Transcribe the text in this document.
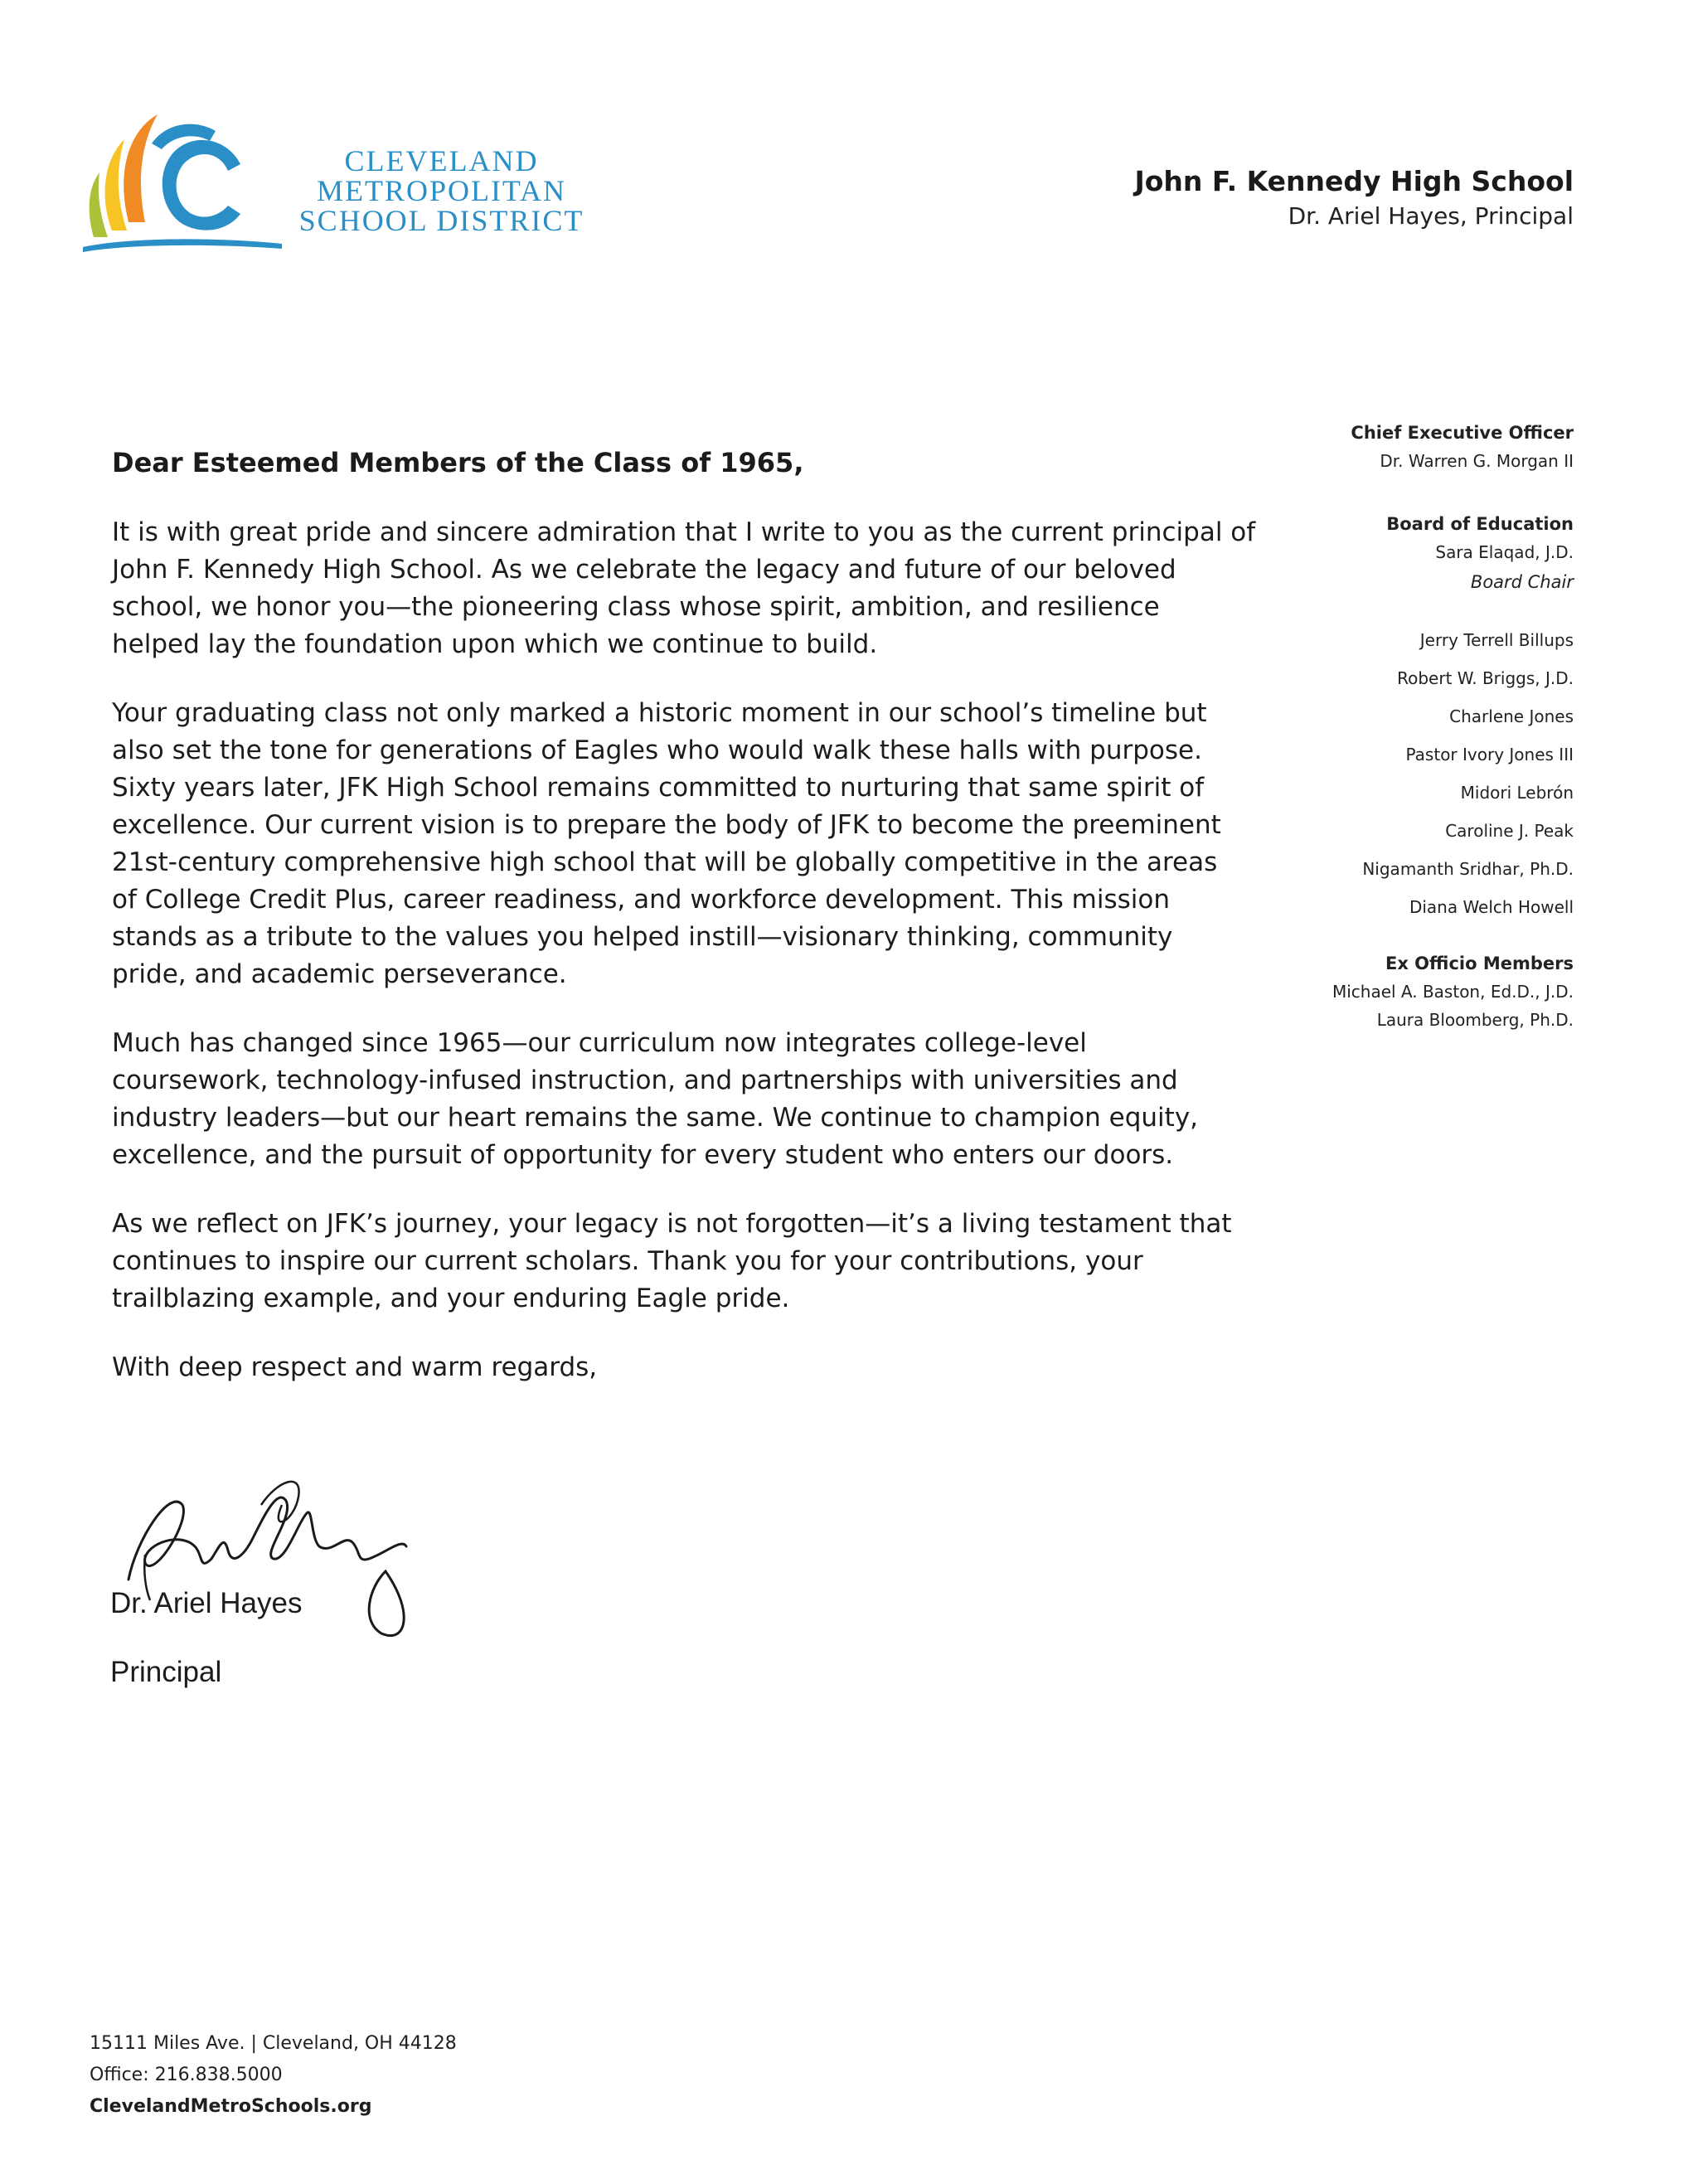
CLEVELAND
METROPOLITAN
SCHOOL DISTRICT
John F. Kennedy High School
Dr. Ariel Hayes, Principal
Dear Esteemed Members of the Class of 1965,
It is with great pride and sincere admiration that I write to you as the current principal of
John F. Kennedy High School. As we celebrate the legacy and future of our beloved
school, we honor you—the pioneering class whose spirit, ambition, and resilience
helped lay the foundation upon which we continue to build.
Your graduating class not only marked a historic moment in our school’s timeline but
also set the tone for generations of Eagles who would walk these halls with purpose.
Sixty years later, JFK High School remains committed to nurturing that same spirit of
excellence. Our current vision is to prepare the body of JFK to become the preeminent
21st-century comprehensive high school that will be globally competitive in the areas
of College Credit Plus, career readiness, and workforce development. This mission
stands as a tribute to the values you helped instill—visionary thinking, community
pride, and academic perseverance.
Much has changed since 1965—our curriculum now integrates college-level
coursework, technology-infused instruction, and partnerships with universities and
industry leaders—but our heart remains the same. We continue to champion equity,
excellence, and the pursuit of opportunity for every student who enters our doors.
As we reflect on JFK’s journey, your legacy is not forgotten—it’s a living testament that
continues to inspire our current scholars. Thank you for your contributions, your
trailblazing example, and your enduring Eagle pride.
With deep respect and warm regards,
Dr. Ariel Hayes
Principal
Chief Executive Officer
Dr. Warren G. Morgan II
Board of Education
Sara Elaqad, J.D.
Board Chair
Jerry Terrell Billups
Robert W. Briggs, J.D.
Charlene Jones
Pastor Ivory Jones III
Midori Lebrón
Caroline J. Peak
Nigamanth Sridhar, Ph.D.
Diana Welch Howell
Ex Officio Members
Michael A. Baston, Ed.D., J.D.
Laura Bloomberg, Ph.D.
15111 Miles Ave. | Cleveland, OH 44128
Office: 216.838.5000
ClevelandMetroSchools.org
